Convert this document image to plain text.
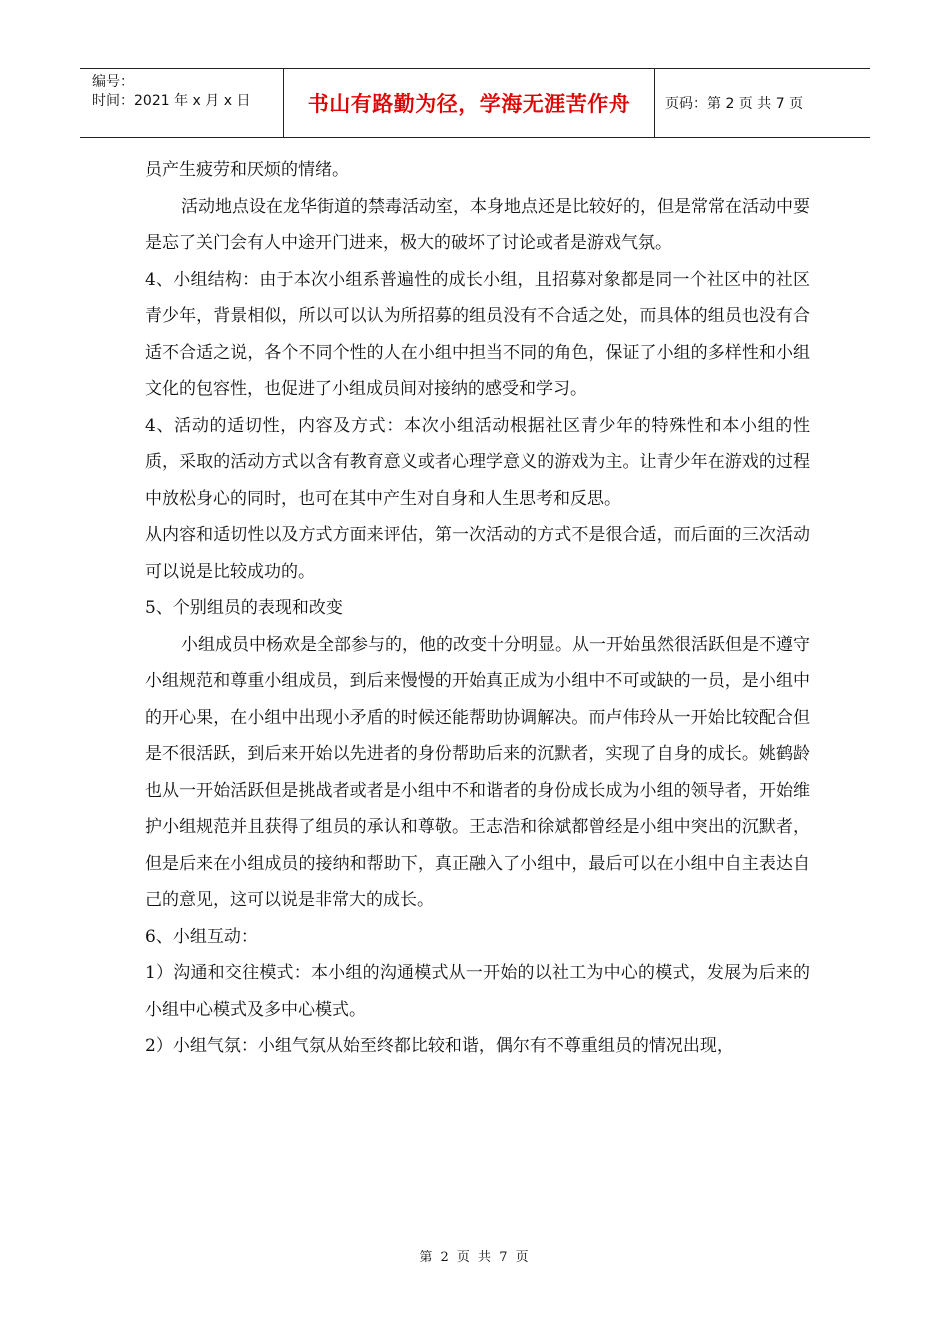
编号：
时间：2021 年 x 月 x 日	书山有路勤为径，学海无涯苦作舟 页码：第 2 页 共 7 页

员产生疲劳和厌烦的情绪。

活动地点设在龙华街道的禁毒活动室，本身地点还是比较好的，但是常常在活动中要是忘了关门会有人中途开门进来，极大的破坏了讨论或者是游戏气氛。

4、小组结构：由于本次小组系普遍性的成长小组，且招募对象都是同一个社区中的社区青少年，背景相似，所以可以认为所招募的组员没有不合适之处，而具体的组员也没有合适不合适之说，各个不同个性的人在小组中担当不同的角色，保证了小组的多样性和小组文化的包容性，也促进了小组成员间对接纳的感受和学习。

4、活动的适切性，内容及方式：本次小组活动根据社区青少年的特殊性和本小组的性质，采取的活动方式以含有教育意义或者心理学意义的游戏为主。让青少年在游戏的过程中放松身心的同时，也可在其中产生对自身和人生思考和反思。

从内容和适切性以及方式方面来评估，第一次活动的方式不是很合适，而后面的三次活动可以说是比较成功的。

5、个别组员的表现和改变

小组成员中杨欢是全部参与的，他的改变十分明显。从一开始虽然很活跃但是不遵守小组规范和尊重小组成员，到后来慢慢的开始真正成为小组中不可或缺的一员，是小组中的开心果，在小组中出现小矛盾的时候还能帮助协调解决。而卢伟玲从一开始比较配合但是不很活跃，到后来开始以先进者的身份帮助后来的沉默者，实现了自身的成长。姚鹤龄也从一开始活跃但是挑战者或者是小组中不和谐者的身份成长成为小组的领导者，开始维护小组规范并且获得了组员的承认和尊敬。王志浩和徐斌都曾经是小组中突出的沉默者，但是后来在小组成员的接纳和帮助下，真正融入了小组中，最后可以在小组中自主表达自己的意见，这可以说是非常大的成长。

6、小组互动：

1）沟通和交往模式：本小组的沟通模式从一开始的以社工为中心的模式，发展为后来的小组中心模式及多中心模式。

2）小组气氛：小组气氛从始至终都比较和谐，偶尔有不尊重组员的情况出现，

第 2 页 共 7 页
